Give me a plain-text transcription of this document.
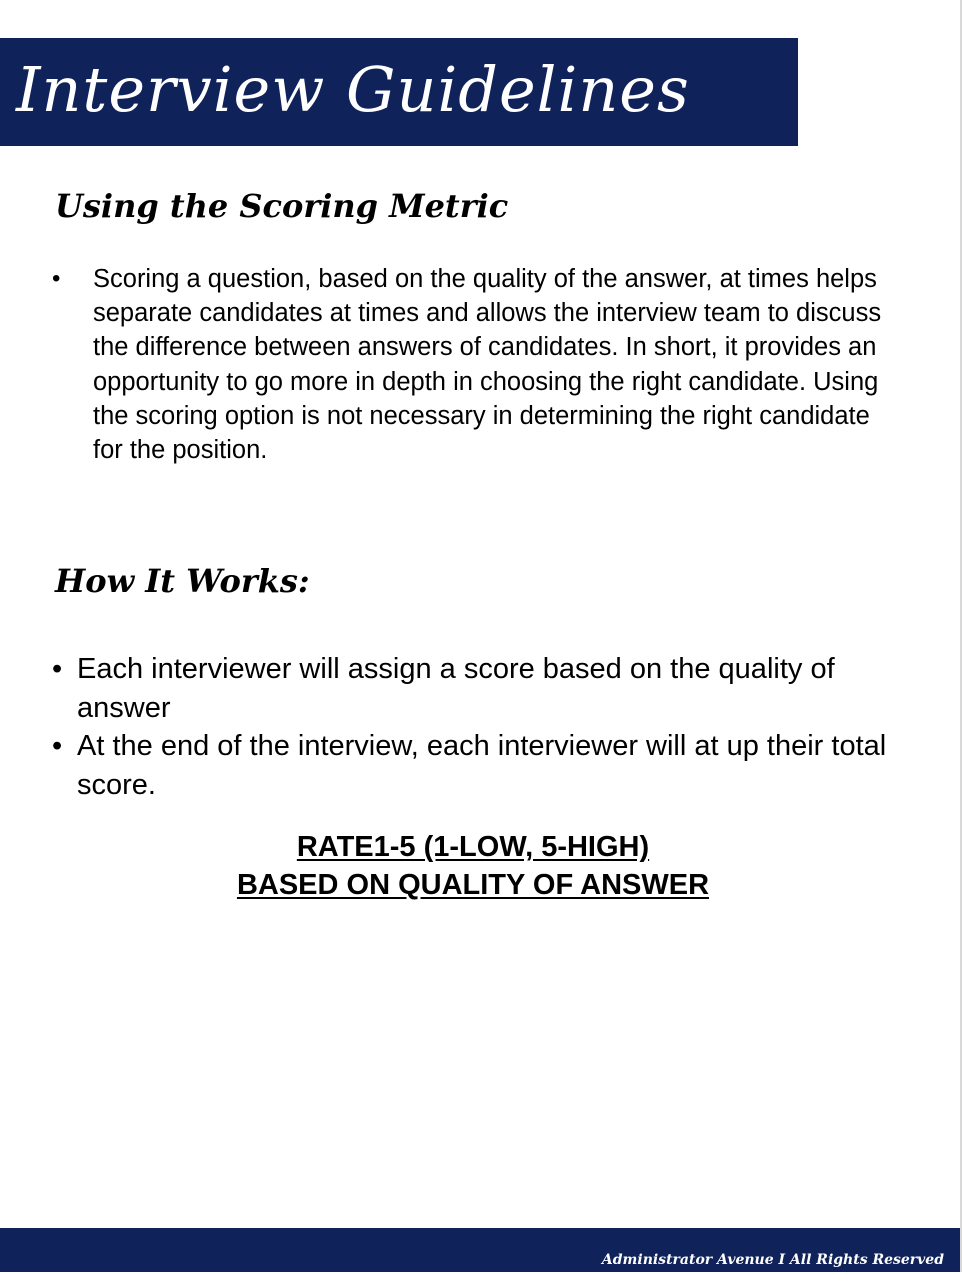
Interview Guidelines
Using the Scoring Metric
• Scoring a question, based on the quality of the answer, at times helps separate candidates at times and allows the interview team to discuss the difference between answers of candidates. In short, it provides an opportunity to go more in depth in choosing the right candidate. Using the scoring option is not necessary in determining the right candidate for the position.

How It Works:
• Each interviewer will assign a score based on the quality of answer
• At the end of the interview, each interviewer will at up their total score.
RATE1-5 (1-LOW, 5-HIGH)
BASED ON QUALITY OF ANSWER
Administrator Avenue I All Rights Reserved
